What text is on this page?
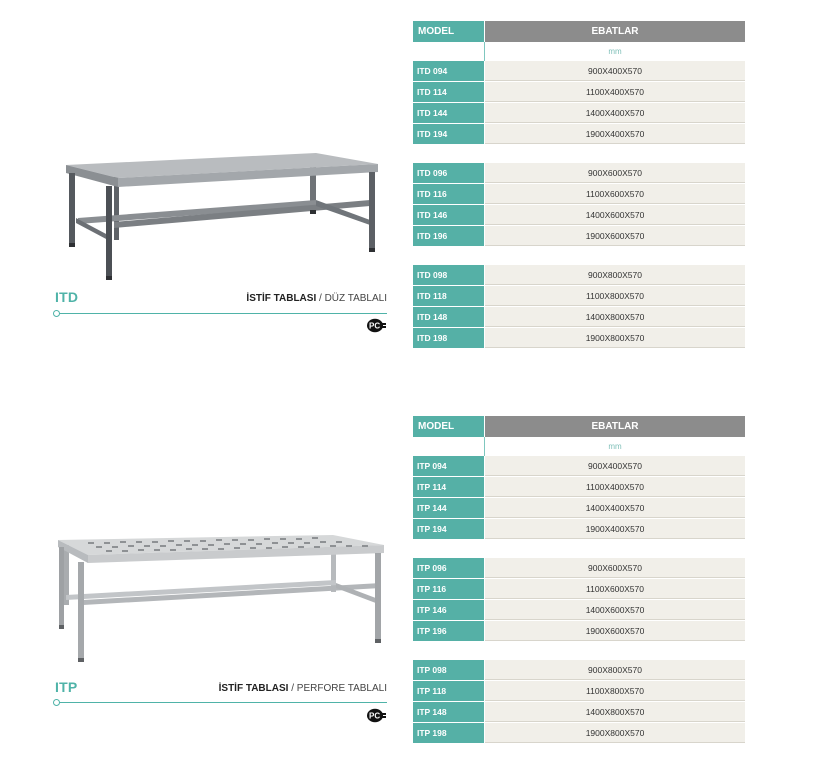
ITD	İSTİF TABLASI / DÜZ TABLALI
PC
MODEL	EBATLAR
mm
ITD 094	900X400X570
ITD 114	1100X400X570
ITD 144	1400X400X570
ITD 194	1900X400X570
ITD 096	900X600X570
ITD 116	1100X600X570
ITD 146	1400X600X570
ITD 196	1900X600X570
ITD 098	900X800X570
ITD 118	1100X800X570
ITD 148	1400X800X570
ITD 198	1900X800X570
ITP	İSTİF TABLASI / PERFORE TABLALI
PC
MODEL	EBATLAR
mm
ITP 094	900X400X570
ITP 114	1100X400X570
ITP 144	1400X400X570
ITP 194	1900X400X570
ITP 096	900X600X570
ITP 116	1100X600X570
ITP 146	1400X600X570
ITP 196	1900X600X570
ITP 098	900X800X570
ITP 118	1100X800X570
ITP 148	1400X800X570
ITP 198	1900X800X570
